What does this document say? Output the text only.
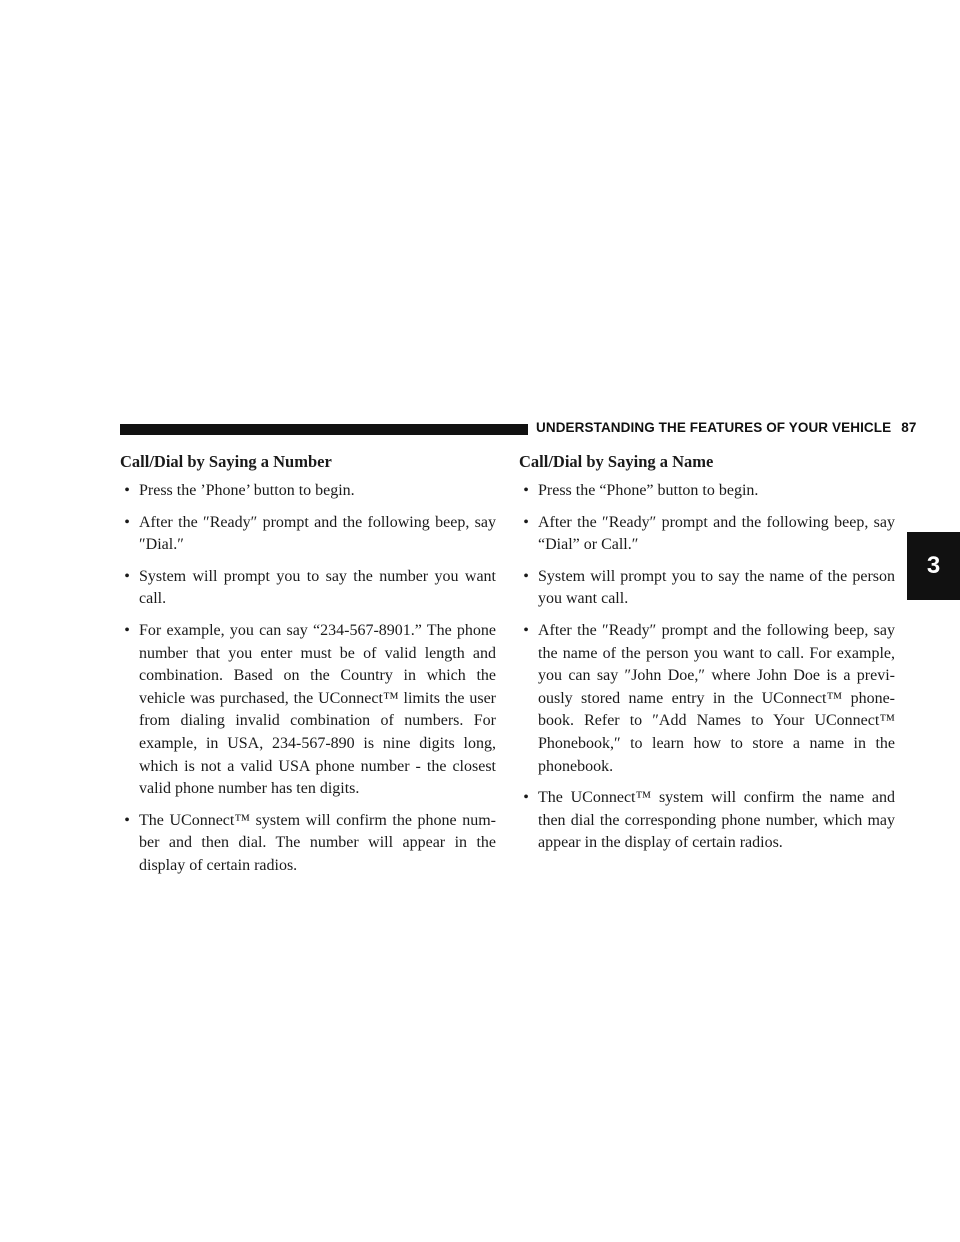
UNDERSTANDING THE FEATURES OF YOUR VEHICLE 87
3
Call/Dial by Saying a Number
• Press the ’Phone’ button to begin.
• After the ″Ready″ prompt and the following beep, say ″Dial.″
• System will prompt you to say the number you want call.
• For example, you can say “234-567-8901.” The phone number that you enter must be of valid length and combination. Based on the Country in which the vehicle was purchased, the UConnect™ limits the user from dialing invalid combination of numbers. For example, in USA, 234-567-890 is nine digits long, which is not a valid USA phone number - the closest valid phone number has ten digits.
• The UConnect™ system will confirm the phone num-ber and then dial. The number will appear in the display of certain radios.
Call/Dial by Saying a Name
• Press the “Phone” button to begin.
• After the ″Ready″ prompt and the following beep, say “Dial” or Call.″
• System will prompt you to say the name of the person you want call.
• After the ″Ready″ prompt and the following beep, say the name of the person you want to call. For example, you can say ″John Doe,″ where John Doe is a previ-ously stored name entry in the UConnect™ phone-book. Refer to ″Add Names to Your UConnect™ Phonebook,″ to learn how to store a name in the phonebook.
• The UConnect™ system will confirm the name and then dial the corresponding phone number, which may appear in the display of certain radios.
